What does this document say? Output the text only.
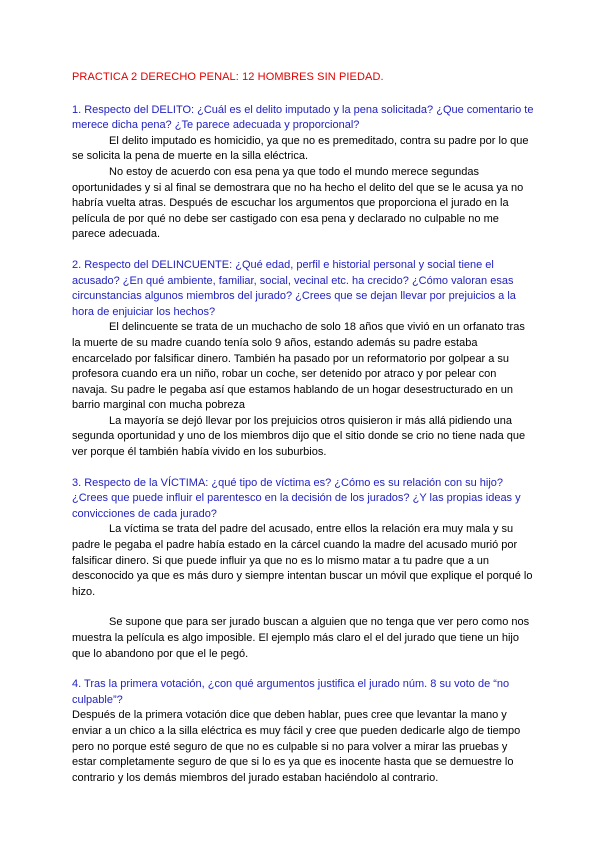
PRACTICA 2 DERECHO PENAL: 12 HOMBRES SIN PIEDAD.

1. Respecto del DELITO: ¿Cuál es el delito imputado y la pena solicitada? ¿Que comentario te merece dicha pena? ¿Te parece adecuada y proporcional?

El delito imputado es homicidio, ya que no es premeditado, contra su padre por lo que se solicita la pena de muerte en la silla eléctrica.

No estoy de acuerdo con esa pena ya que todo el mundo merece segundas oportunidades y si al final se demostrara que no ha hecho el delito del que se le acusa ya no habría vuelta atras. Después de escuchar los argumentos que proporciona el jurado en la película de por qué no debe ser castigado con esa pena y declarado no culpable no me parece adecuada.

2. Respecto del DELINCUENTE: ¿Qué edad, perfil e historial personal y social tiene el acusado? ¿En qué ambiente, familiar, social, vecinal etc. ha crecido? ¿Cómo valoran esas circunstancias algunos miembros del jurado? ¿Crees que se dejan llevar por prejuicios a la hora de enjuiciar los hechos?

El delincuente se trata de un muchacho de solo 18 años que vivió en un orfanato tras la muerte de su madre cuando tenía solo 9 años, estando además su padre estaba encarcelado por falsificar dinero. También ha pasado por un reformatorio por golpear a su profesora cuando era un niño, robar un coche, ser detenido por atraco y por pelear con navaja. Su padre le pegaba así que estamos hablando de un hogar desestructurado en un barrio marginal con mucha pobreza

La mayoría se dejó llevar por los prejuicios otros quisieron ir más allá pidiendo una segunda oportunidad y uno de los miembros dijo que el sitio donde se crio no tiene nada que ver porque él también había vivido en los suburbios.

3. Respecto de la VÍCTIMA: ¿qué tipo de víctima es? ¿Cómo es su relación con su hijo? ¿Crees que puede influir el parentesco en la decisión de los jurados? ¿Y las propias ideas y convicciones de cada jurado?

La víctima se trata del padre del acusado, entre ellos la relación era muy mala y su padre le pegaba el padre había estado en la cárcel cuando la madre del acusado murió por falsificar dinero. Si que puede influir ya que no es lo mismo matar a tu padre que a un desconocido ya que es más duro y siempre intentan buscar un móvil que explique el porqué lo hizo.

Se supone que para ser jurado buscan a alguien que no tenga que ver pero como nos muestra la película es algo imposible. El ejemplo más claro el el del jurado que tiene un hijo que lo abandono por que el le pegó.

4. Tras la primera votación, ¿con qué argumentos justifica el jurado núm. 8 su voto de “no culpable”?

Después de la primera votación dice que deben hablar, pues cree que levantar la mano y enviar a un chico a la silla eléctrica es muy fácil y cree que pueden dedicarle algo de tiempo pero no porque esté seguro de que no es culpable si no para volver a mirar las pruebas y estar completamente seguro de que si lo es ya que es inocente hasta que se demuestre lo contrario y los demás miembros del jurado estaban haciéndolo al contrario.
